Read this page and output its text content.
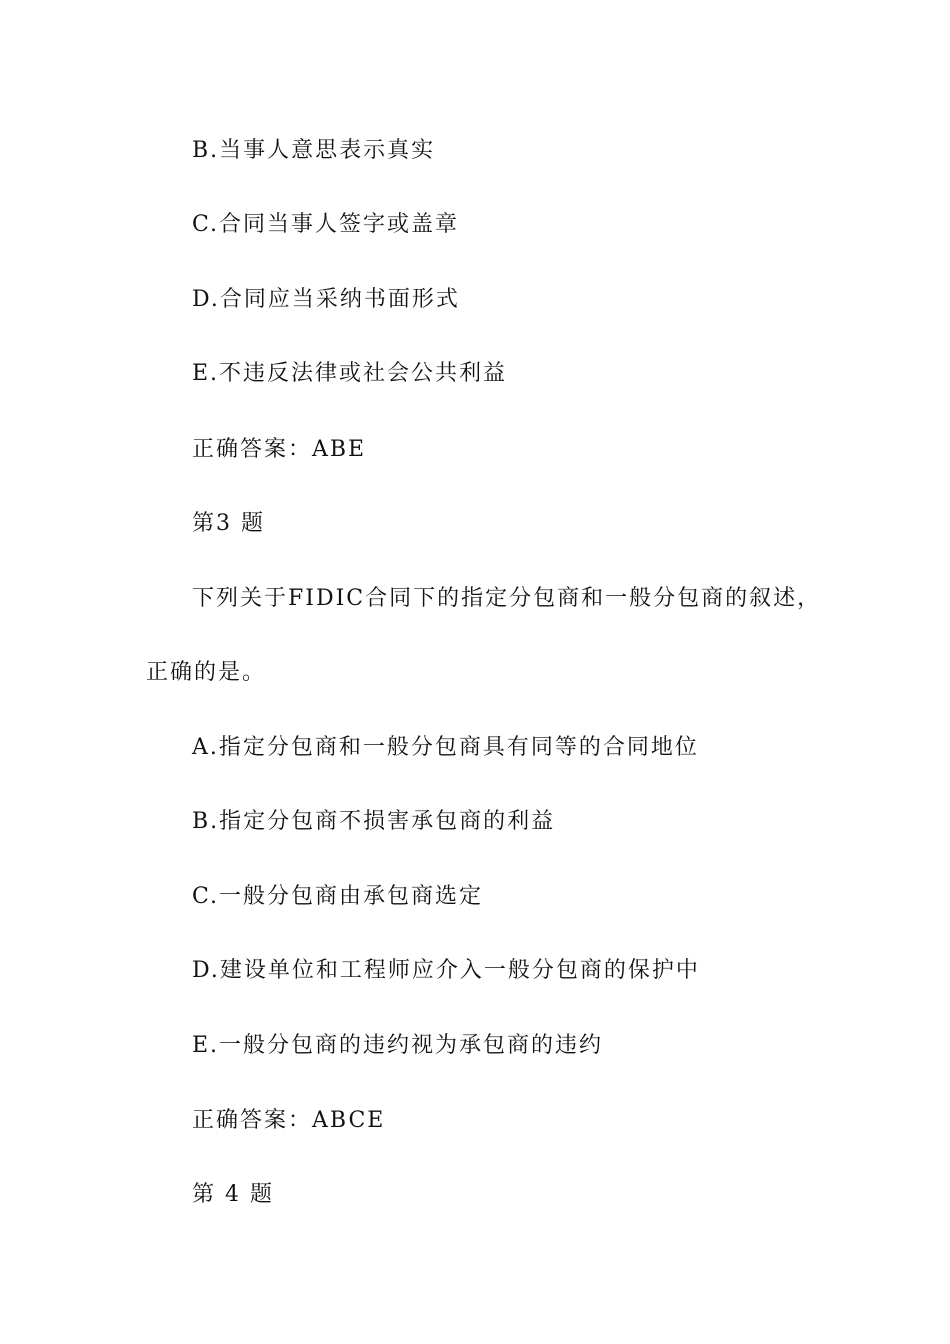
B.当事人意思表示真实
C.合同当事人签字或盖章
D.合同应当采纳书面形式
E.不违反法律或社会公共利益
正确答案：ABE
第3 题
下列关于FIDIC合同下的指定分包商和一般分包商的叙述，
正确的是。
A.指定分包商和一般分包商具有同等的合同地位
B.指定分包商不损害承包商的利益
C.一般分包商由承包商选定
D.建设单位和工程师应介入一般分包商的保护中
E.一般分包商的违约视为承包商的违约
正确答案：ABCE
第 4 题
